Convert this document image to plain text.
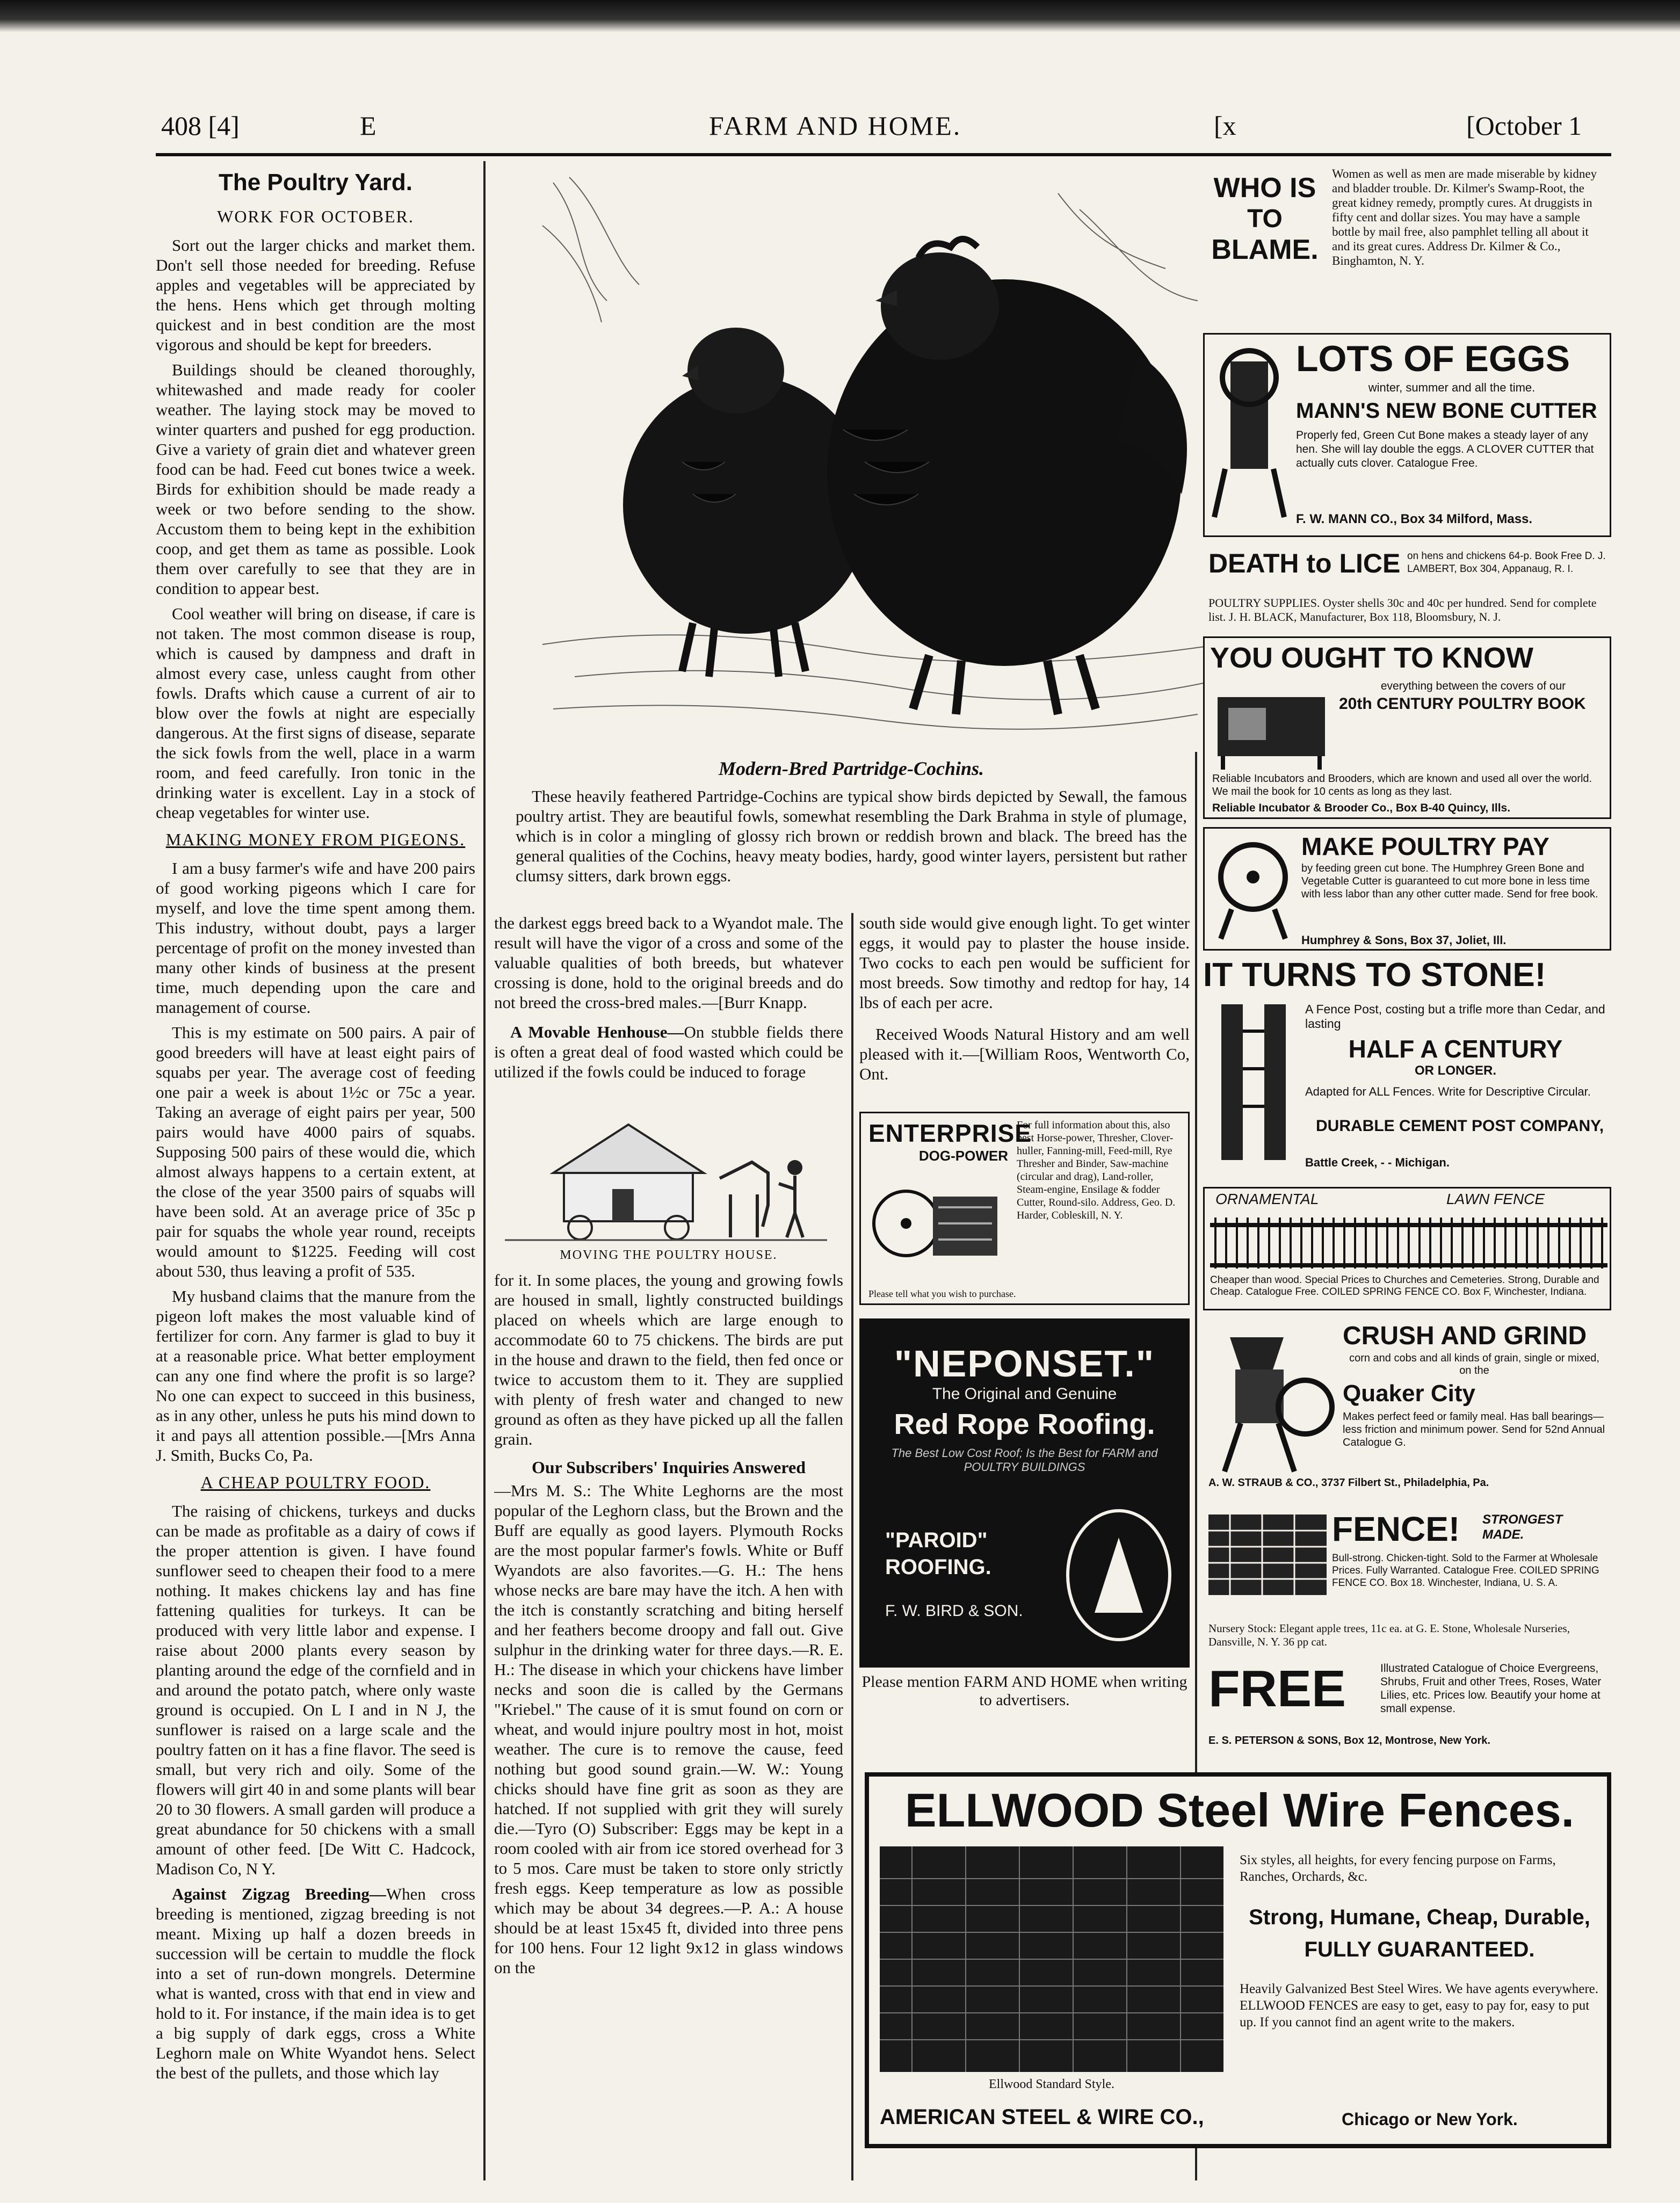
408 [4]	E	FARM AND HOME.	[x	[October 1
The Poultry Yard.
WORK FOR OCTOBER.

Sort out the larger chicks and market them. Don't sell those needed for breeding. Refuse apples and vegetables will be appreciated by the hens. Hens which get through molting quickest and in best condition are the most vigorous and should be kept for breeders.

Buildings should be cleaned thoroughly, whitewashed and made ready for cooler weather. The laying stock may be moved to winter quarters and pushed for egg production. Give a variety of grain diet and whatever green food can be had. Feed cut bones twice a week. Birds for exhibition should be made ready a week or two before sending to the show. Accustom them to being kept in the exhibition coop, and get them as tame as possible. Look them over carefully to see that they are in condition to appear best.

Cool weather will bring on disease, if care is not taken. The most common disease is roup, which is caused by dampness and draft in almost every case, unless caught from other fowls. Drafts which cause a current of air to blow over the fowls at night are especially dangerous. At the first signs of disease, separate the sick fowls from the well, place in a warm room, and feed carefully. Iron tonic in the drinking water is excellent. Lay in a stock of cheap vegetables for winter use.

MAKING MONEY FROM PIGEONS.

I am a busy farmer's wife and have 200 pairs of good working pigeons which I care for myself, and love the time spent among them. This industry, without doubt, pays a larger percentage of profit on the money invested than many other kinds of business at the present time, much depending upon the care and management of course.

This is my estimate on 500 pairs. A pair of good breeders will have at least eight pairs of squabs per year. The average cost of feeding one pair a week is about 1½c or 75c a year. Taking an average of eight pairs per year, 500 pairs would have 4000 pairs of squabs. Supposing 500 pairs of these would die, which almost always happens to a certain extent, at the close of the year 3500 pairs of squabs will have been sold. At an average price of 35c p pair for squabs the whole year round, receipts would amount to $1225. Feeding will cost about 530, thus leaving a profit of 535.

My husband claims that the manure from the pigeon loft makes the most valuable kind of fertilizer for corn. Any farmer is glad to buy it at a reasonable price. What better employment can any one find where the profit is so large? No one can expect to succeed in this business, as in any other, unless he puts his mind down to it and pays all attention possible.—[Mrs Anna J. Smith, Bucks Co, Pa.

A CHEAP POULTRY FOOD.

The raising of chickens, turkeys and ducks can be made as profitable as a dairy of cows if the proper attention is given. I have found sunflower seed to cheapen their food to a mere nothing. It makes chickens lay and has fine fattening qualities for turkeys. It can be produced with very little labor and expense. I raise about 2000 plants every season by planting around the edge of the cornfield and in and around the potato patch, where only waste ground is occupied. On L I and in N J, the sunflower is raised on a large scale and the poultry fatten on it has a fine flavor. The seed is small, but very rich and oily. Some of the flowers will girt 40 in and some plants will bear 20 to 30 flowers. A small garden will produce a great abundance for 50 chickens with a small amount of other feed. [De Witt C. Hadcock, Madison Co, N Y.

Against Zigzag Breeding—When cross breeding is mentioned, zigzag breeding is not meant. Mixing up half a dozen breeds in succession will be certain to muddle the flock into a set of run-down mongrels. Determine what is wanted, cross with that end in view and hold to it. For instance, if the main idea is to get a big supply of dark eggs, cross a White Leghorn male on White Wyandot hens. Select the best of the pullets, and those which lay

Modern-Bred Partridge-Cochins.

These heavily feathered Partridge-Cochins are typical show birds depicted by Sewall, the famous poultry artist. They are beautiful fowls, somewhat resembling the Dark Brahma in style of plumage, which is in color a mingling of glossy rich brown or reddish brown and black. The breed has the general qualities of the Cochins, heavy meaty bodies, hardy, good winter layers, persistent but rather clumsy sitters, dark brown eggs.

the darkest eggs breed back to a Wyandot male. The result will have the vigor of a cross and some of the valuable qualities of both breeds, but whatever crossing is done, hold to the original breeds and do not breed the cross-bred males.—[Burr Knapp.

A Movable Henhouse—On stubble fields there is often a great deal of food wasted which could be utilized if the fowls could be induced to forage

MOVING THE POULTRY HOUSE.

for it. In some places, the young and growing fowls are housed in small, lightly constructed buildings placed on wheels which are large enough to accommodate 60 to 75 chickens. The birds are put in the house and drawn to the field, then fed once or twice to accustom them to it. They are supplied with plenty of fresh water and changed to new ground as often as they have picked up all the fallen grain.

Our Subscribers' Inquiries Answered

—Mrs M. S.: The White Leghorns are the most popular of the Leghorn class, but the Brown and the Buff are equally as good layers. Plymouth Rocks are the most popular farmer's fowls. White or Buff Wyandots are also favorites.—G. H.: The hens whose necks are bare may have the itch. A hen with the itch is constantly scratching and biting herself and her feathers become droopy and fall out. Give sulphur in the drinking water for three days.—R. E. H.: The disease in which your chickens have limber necks and soon die is called by the Germans "Kriebel." The cause of it is smut found on corn or wheat, and would injure poultry most in hot, moist weather. The cure is to remove the cause, feed nothing but good sound grain.—W. W.: Young chicks should have fine grit as soon as they are hatched. If not supplied with grit they will surely die.—Tyro (O) Subscriber: Eggs may be kept in a room cooled with air from ice stored overhead for 3 to 5 mos. Care must be taken to store only strictly fresh eggs. Keep temperature as low as possible which may be about 34 degrees.—P. A.: A house should be at least 15x45 ft, divided into three pens for 100 hens. Four 12 light 9x12 in glass windows on the

south side would give enough light. To get winter eggs, it would pay to plaster the house inside. Two cocks to each pen would be sufficient for most breeds. Sow timothy and redtop for hay, 14 lbs of each per acre.

Received Woods Natural History and am well pleased with it.—[William Roos, Wentworth Co, Ont.

ENTERPRISE
DOG-POWER
For full information about this, also best Horse-power, Thresher, Clover-huller, Fanning-mill, Feed-mill, Rye Thresher and Binder, Saw-machine (circular and drag), Land-roller, Steam-engine, Ensilage & fodder Cutter, Round-silo. Address, Geo. D. Harder, Cobleskill, N. Y.
Please tell what you wish to purchase.
"NEPONSET."
The Original and Genuine
Red Rope Roofing.
The Best Low Cost Roof; Is the Best for FARM and POULTRY BUILDINGS
"PAROID" ROOFING.
F. W. BIRD & SON.
Please mention FARM AND HOME when writing to advertisers.
WHO IS
TO
BLAME.
Women as well as men are made miserable by kidney and bladder trouble. Dr. Kilmer's Swamp-Root, the great kidney remedy, promptly cures. At druggists in fifty cent and dollar sizes. You may have a sample bottle by mail free, also pamphlet telling all about it and its great cures. Address Dr. Kilmer & Co., Binghamton, N. Y.
LOTS OF EGGS
winter, summer and all the time.
MANN'S NEW BONE CUTTER
Properly fed, Green Cut Bone makes a steady layer of any hen. She will lay double the eggs. A CLOVER CUTTER that actually cuts clover. Catalogue Free.
F. W. MANN CO., Box 34 Milford, Mass.
DEATH to LICE on hens and chickens 64-p. Book Free D. J. LAMBERT, Box 304, Appanaug, R. I.
POULTRY SUPPLIES. Oyster shells 30c and 40c per hundred. Send for complete list. J. H. BLACK, Manufacturer, Box 118, Bloomsbury, N. J.
YOU OUGHT TO KNOW
everything between the covers of our
20th CENTURY POULTRY BOOK
Reliable Incubators and Brooders, which are known and used all over the world. We mail the book for 10 cents as long as they last.
Reliable Incubator & Brooder Co., Box B-40 Quincy, Ills.
MAKE POULTRY PAY
by feeding green cut bone. The Humphrey Green Bone and Vegetable Cutter is guaranteed to cut more bone in less time with less labor than any other cutter made. Send for free book.
Humphrey & Sons, Box 37, Joliet, Ill.
IT TURNS TO STONE!
A Fence Post, costing but a trifle more than Cedar, and lasting
HALF A CENTURY
OR LONGER.
Adapted for ALL Fences. Write for Descriptive Circular.
DURABLE CEMENT POST COMPANY,
Battle Creek, - - Michigan.
ORNAMENTAL	LAWN FENCE
Cheaper than wood. Special Prices to Churches and Cemeteries. Strong, Durable and Cheap. Catalogue Free. COILED SPRING FENCE CO. Box F, Winchester, Indiana.
CRUSH AND GRIND
corn and cobs and all kinds of grain, single or mixed, on the
Quaker City
Makes perfect feed or family meal. Has ball bearings—less friction and minimum power. Send for 52nd Annual Catalogue G.
A. W. STRAUB & CO., 3737 Filbert St., Philadelphia, Pa.
FENCE! STRONGEST MADE.
Bull-strong. Chicken-tight. Sold to the Farmer at Wholesale Prices. Fully Warranted. Catalogue Free. COILED SPRING FENCE CO. Box 18. Winchester, Indiana, U. S. A.
Nursery Stock: Elegant apple trees, 11c ea. at G. E. Stone, Wholesale Nurseries, Dansville, N. Y. 36 pp cat.
FREE	Illustrated Catalogue of Choice Evergreens, Shrubs, Fruit and other Trees, Roses, Water Lilies, etc. Prices low. Beautify your home at small expense.
E. S. PETERSON & SONS, Box 12, Montrose, New York.
ELLWOOD Steel Wire Fences.
Ellwood Standard Style.
Six styles, all heights, for every fencing purpose on Farms, Ranches, Orchards, &c.
Strong, Humane, Cheap, Durable,
FULLY GUARANTEED.
Heavily Galvanized Best Steel Wires. We have agents everywhere. ELLWOOD FENCES are easy to get, easy to pay for, easy to put up. If you cannot find an agent write to the makers.
AMERICAN STEEL & WIRE CO.,	Chicago or New York.
